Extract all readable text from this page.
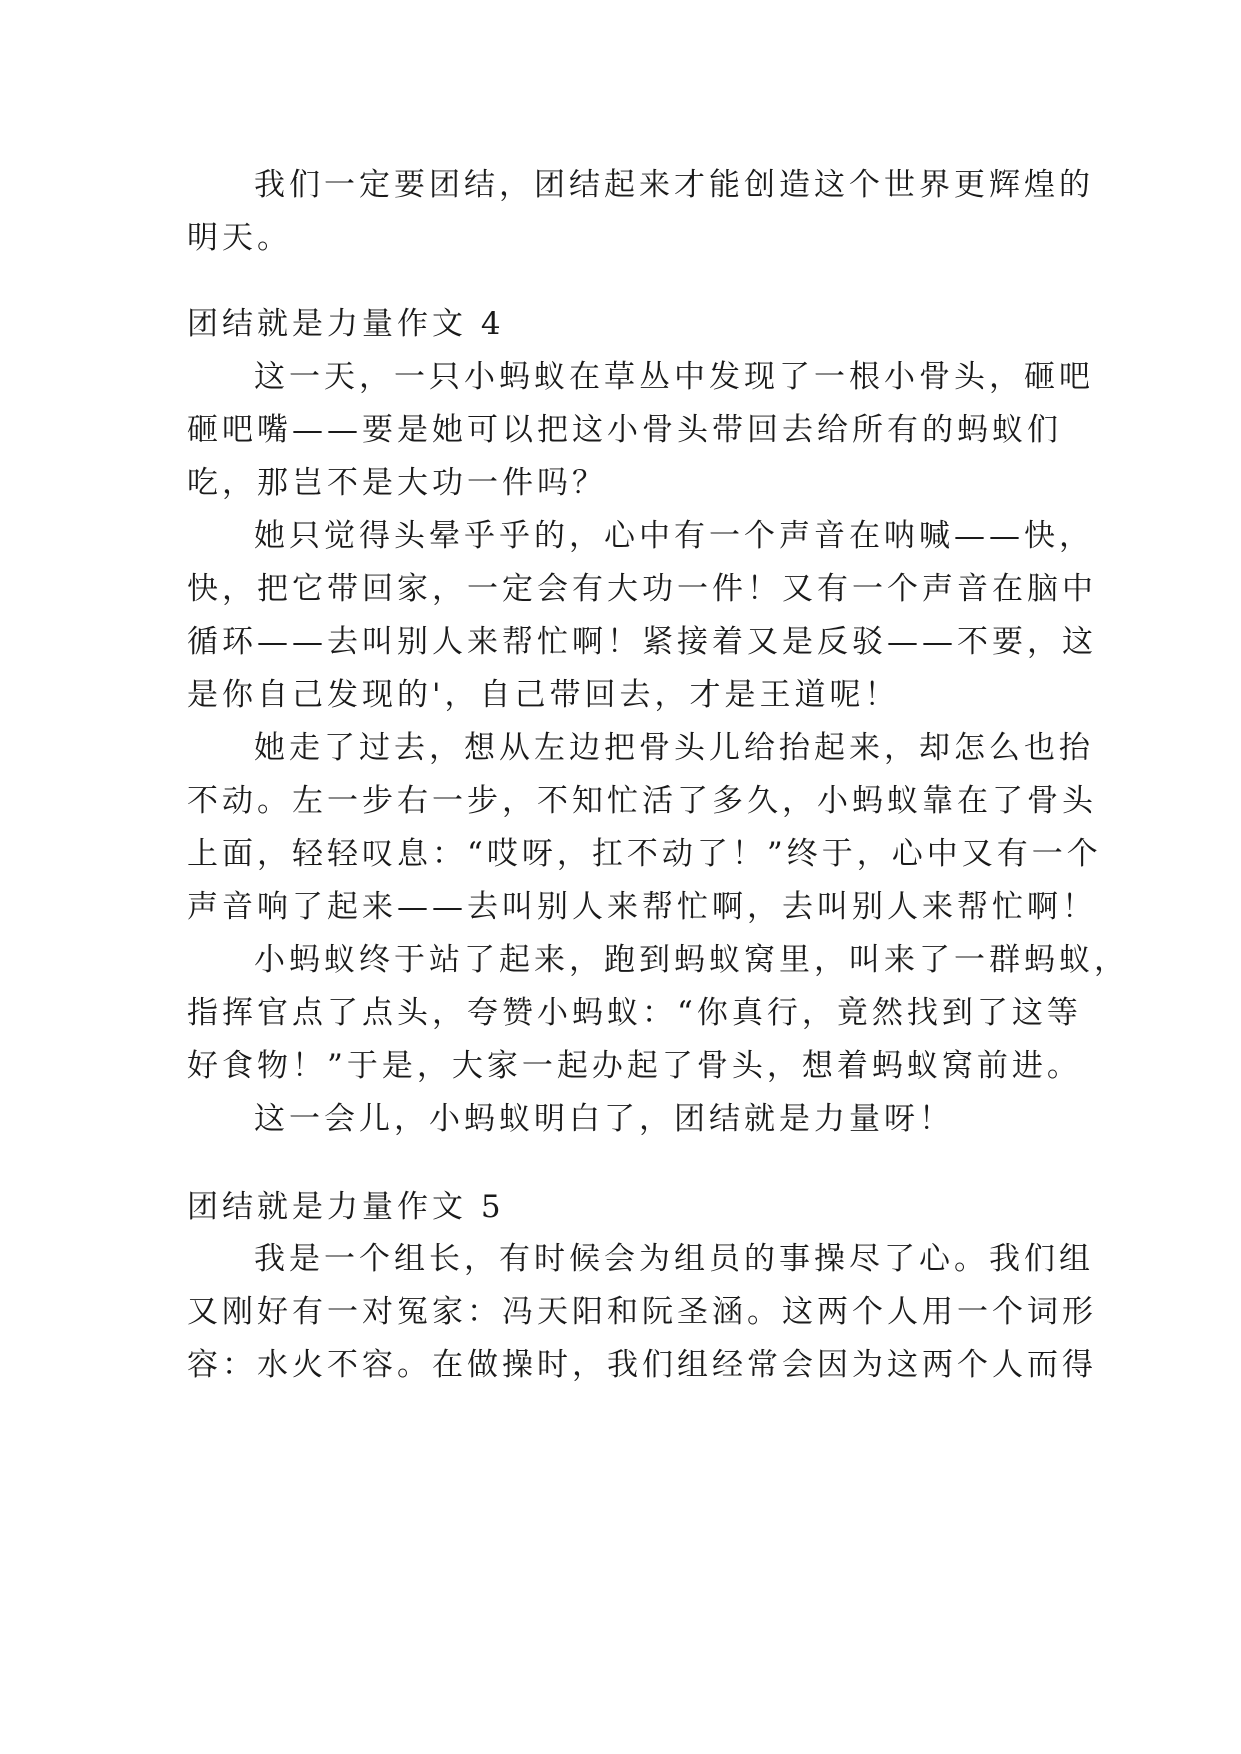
我们一定要团结，团结起来才能创造这个世界更辉煌的
明天。
团结就是力量作文 4
这一天，一只小蚂蚁在草丛中发现了一根小骨头，砸吧
砸吧嘴——要是她可以把这小骨头带回去给所有的蚂蚁们
吃，那岂不是大功一件吗？
她只觉得头晕乎乎的，心中有一个声音在呐喊——快，
快，把它带回家，一定会有大功一件！又有一个声音在脑中
循环——去叫别人来帮忙啊！紧接着又是反驳——不要，这
是你自己发现的'，自己带回去，才是王道呢！
她走了过去，想从左边把骨头儿给抬起来，却怎么也抬
不动。左一步右一步，不知忙活了多久，小蚂蚁靠在了骨头
上面，轻轻叹息：“哎呀，扛不动了！”终于，心中又有一个
声音响了起来——去叫别人来帮忙啊，去叫别人来帮忙啊！
小蚂蚁终于站了起来，跑到蚂蚁窝里，叫来了一群蚂蚁，
指挥官点了点头，夸赞小蚂蚁：“你真行，竟然找到了这等
好食物！”于是，大家一起办起了骨头，想着蚂蚁窝前进。
这一会儿，小蚂蚁明白了，团结就是力量呀！
团结就是力量作文 5
我是一个组长，有时候会为组员的事操尽了心。我们组
又刚好有一对冤家：冯天阳和阮圣涵。这两个人用一个词形
容：水火不容。在做操时，我们组经常会因为这两个人而得
